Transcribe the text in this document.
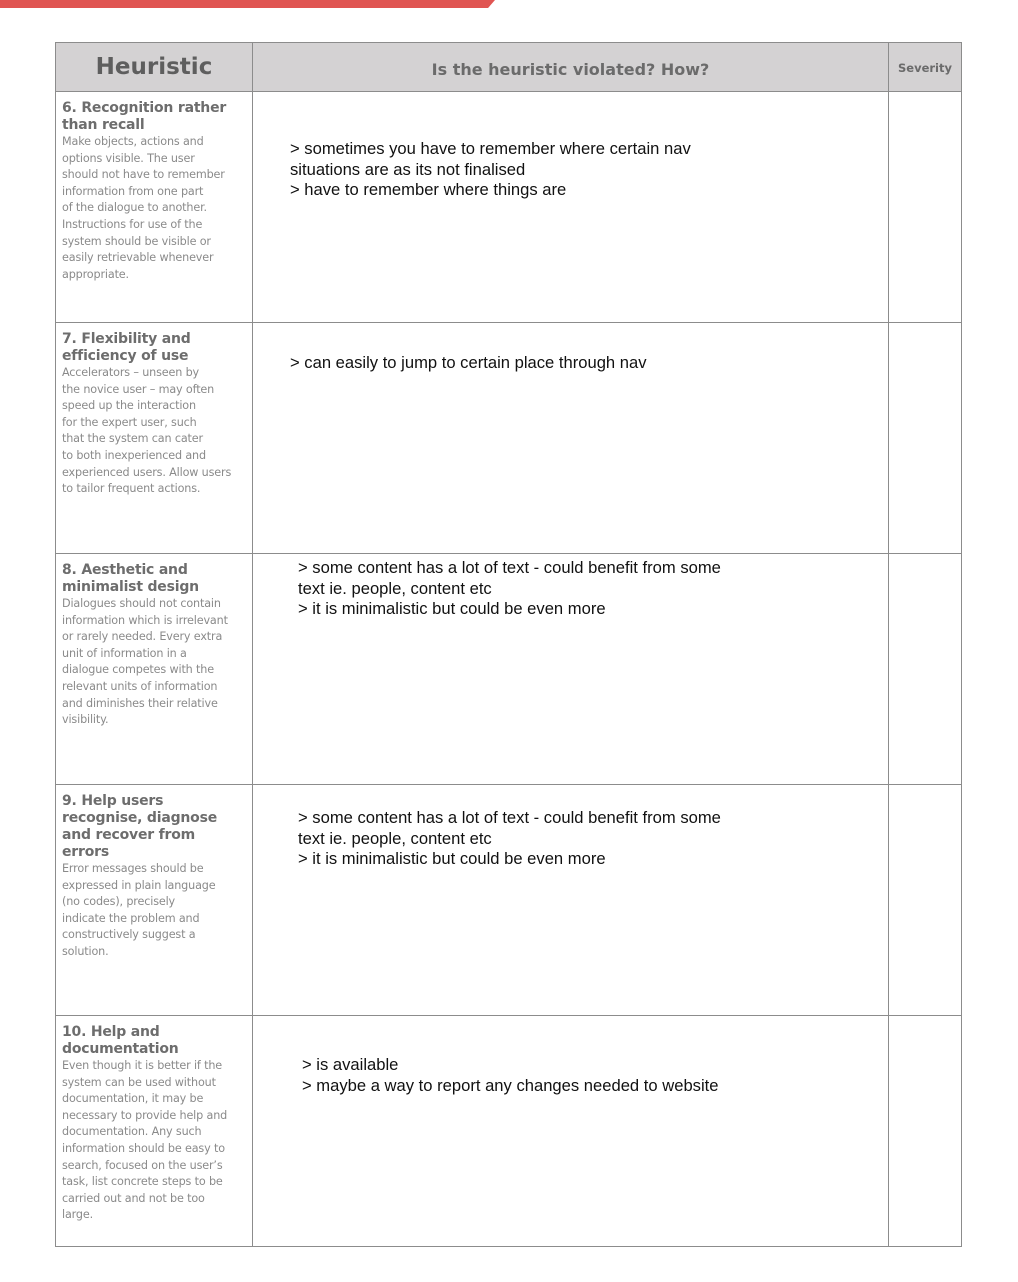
Heuristic	Is the heuristic violated? How?	Severity
6. Recognition rather
than recall
Make objects, actions and
options visible. The user
should not have to remember
information from one part
of the dialogue to another.
Instructions for use of the
system should be visible or
easily retrievable whenever
appropriate.
> sometimes you have to remember where certain nav
situations are as its not finalised
> have to remember where things are
7. Flexibility and
efficiency of use
Accelerators – unseen by
the novice user – may often
speed up the interaction
for the expert user, such
that the system can cater
to both inexperienced and
experienced users. Allow users
to tailor frequent actions.
> can easily to jump to certain place through nav
8. Aesthetic and
minimalist design
Dialogues should not contain
information which is irrelevant
or rarely needed. Every extra
unit of information in a
dialogue competes with the
relevant units of information
and diminishes their relative
visibility.
> some content has a lot of text - could benefit from some
text ie. people, content etc
> it is minimalistic but could be even more
9. Help users
recognise, diagnose
and recover from
errors
Error messages should be
expressed in plain language
(no codes), precisely
indicate the problem and
constructively suggest a
solution.
> some content has a lot of text - could benefit from some
text ie. people, content etc
> it is minimalistic but could be even more
10. Help and
documentation
Even though it is better if the
system can be used without
documentation, it may be
necessary to provide help and
documentation. Any such
information should be easy to
search, focused on the user’s
task, list concrete steps to be
carried out and not be too
large.
> is available
> maybe a way to report any changes needed to website
